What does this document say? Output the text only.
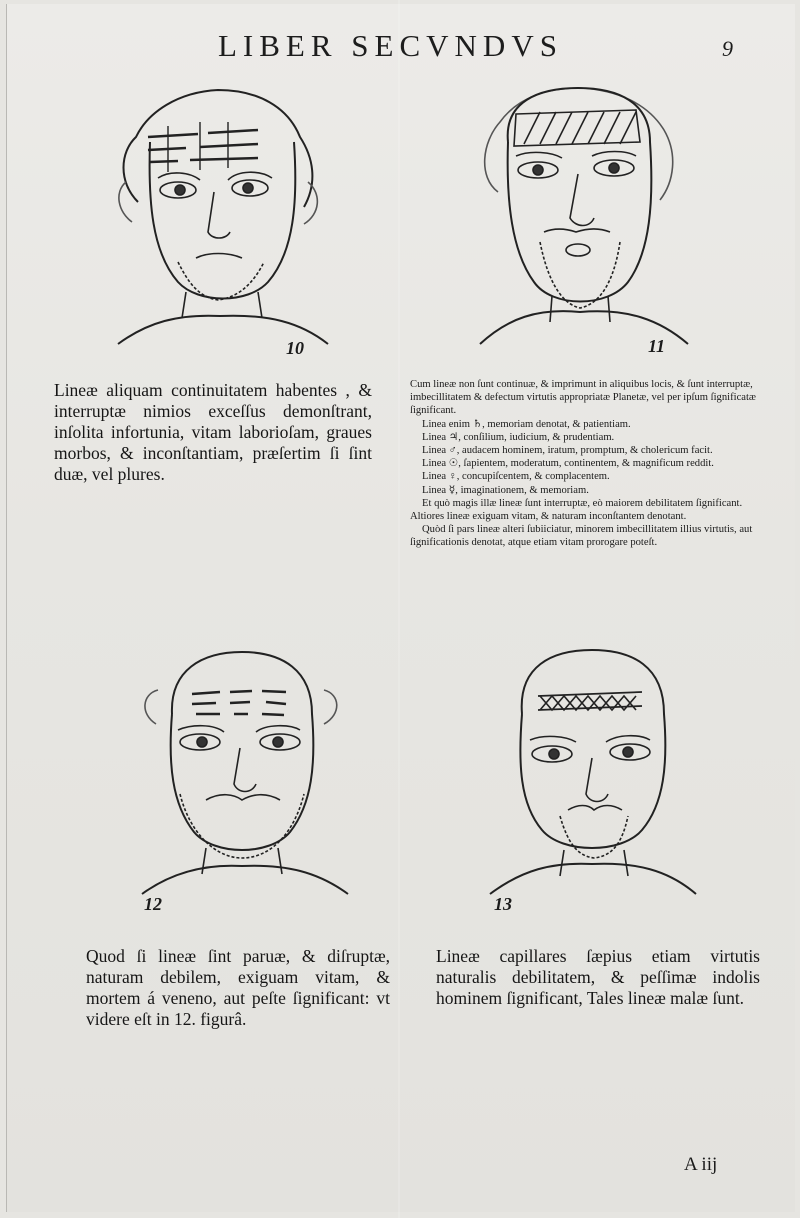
LIBER SECVNDVS	9
10	11

Lineæ aliquam continuitatem habentes , & interruptæ nimios exceſſus demonſtrant, inſolita infortunia, vitam laborioſam, graues morbos, & inconſtantiam, præſertim ſi ſint duæ, vel plures.

Cum lineæ non ſunt continuæ, & imprimunt in aliquibus locis, & ſunt interruptæ, imbecillitatem & defectum virtutis appropriatæ Planetæ, vel per ipſum ſignificatæ ſignificant.

Linea enim ♄, memoriam denotat, & patientiam.

Linea ♃, conſilium, iudicium, & prudentiam.

Linea ♂, audacem hominem, iratum, promptum, & cholericum facit.

Linea ☉, ſapientem, moderatum, continentem, & magnificum reddit.

Linea ♀, concupiſcentem, & complacentem.

Linea ☿, imaginationem, & memoriam.

Et quò magis illæ lineæ ſunt interruptæ, eò maiorem debilitatem ſignificant. Altiores lineæ exiguam vitam, & naturam inconſtantem denotant.

Quòd ſi pars lineæ alteri ſubiiciatur, minorem imbecillitatem illius virtutis, aut ſignificationis denotat, atque etiam vitam prorogare poteſt.

12	13

Quod ſi lineæ ſint paruæ, & diſruptæ, naturam debilem, exiguam vitam, & mortem á veneno, aut peſte ſignificant: vt videre eſt in 12. figurâ.

Lineæ capillares ſæpius etiam virtutis naturalis debilitatem, & peſſimæ indolis hominem ſignificant, Tales lineæ malæ ſunt.

A iij
